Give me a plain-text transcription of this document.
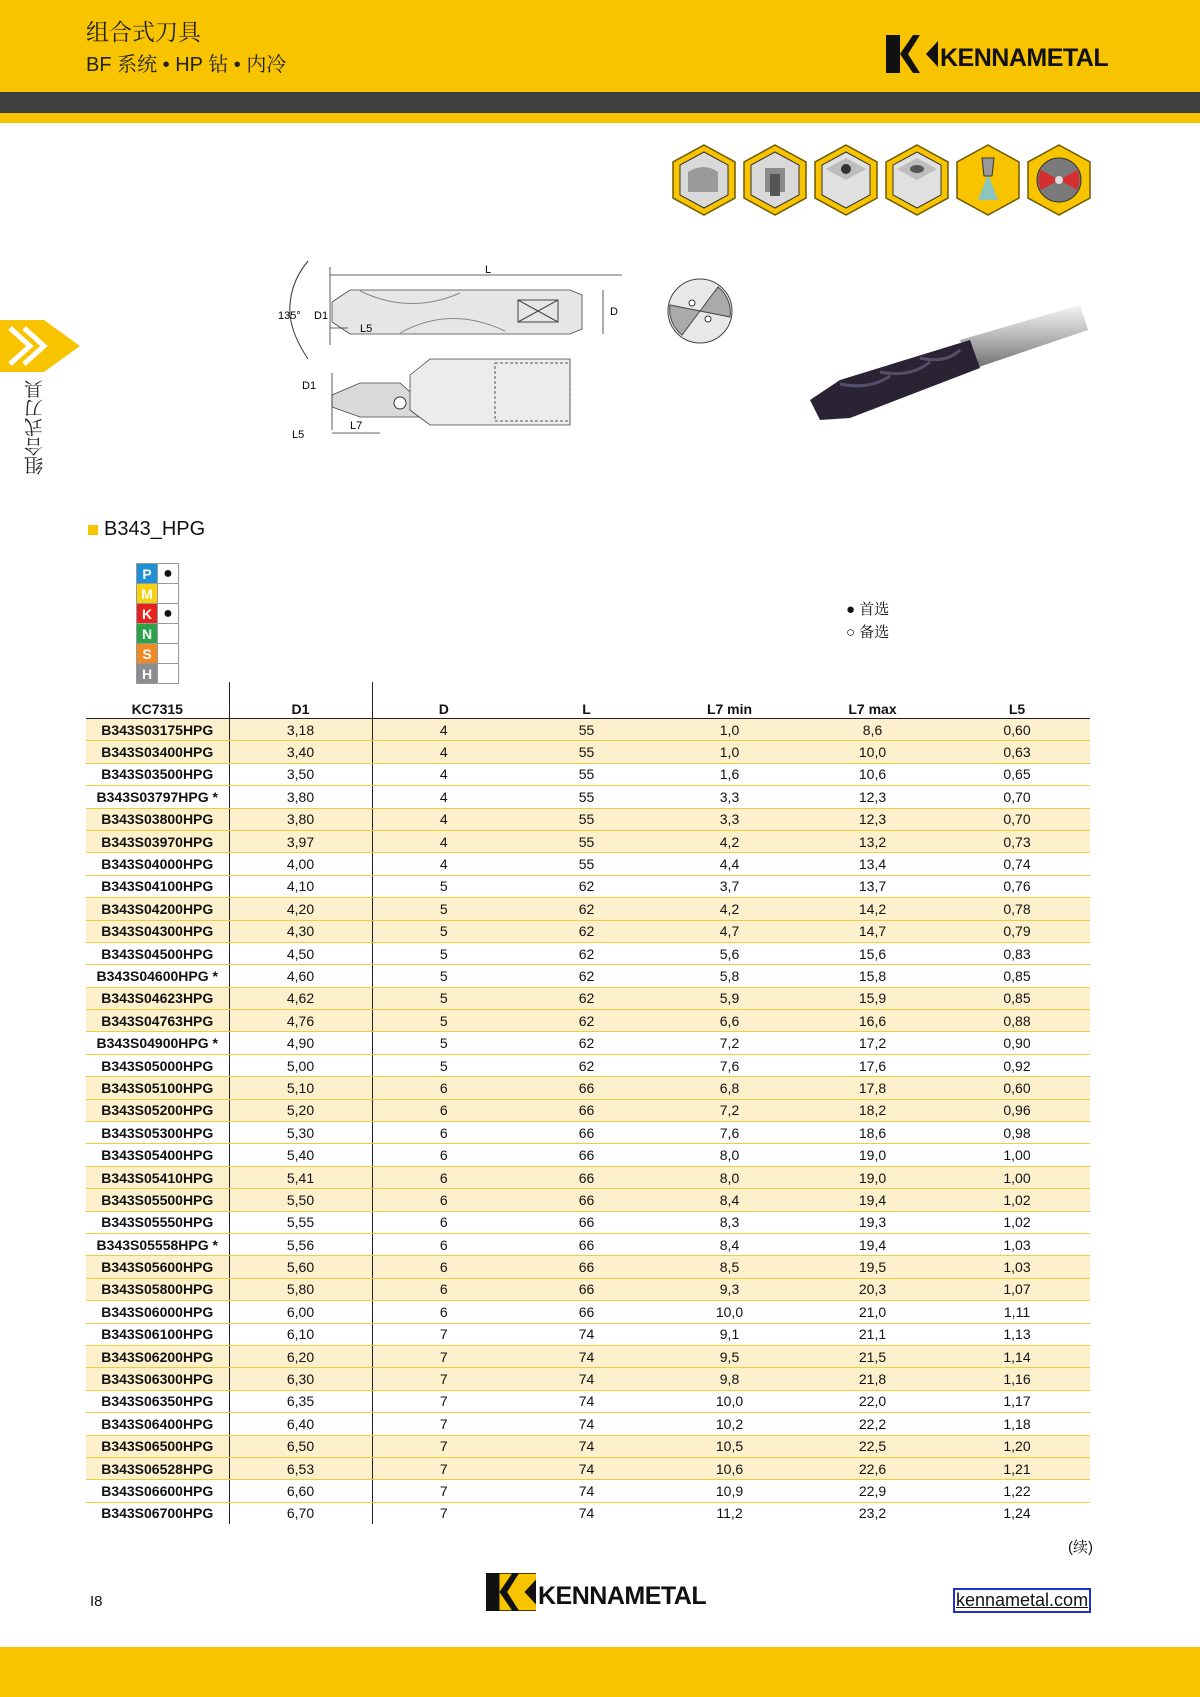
组合式刀具
BF 系统 • HP 钻 • 内冷	KENNAMETAL
组合式刀具
135° D1
L
D
L5
D1
L5
L7
B343_HPG
P	●
M	
K	●
N	
S	
H	
● 首选
○ 备选
KC7315	D1	D	L	L7 min	L7 max	L5
B343S03175HPG	3,18	4	55	1,0	8,6	0,60
B343S03400HPG	3,40	4	55	1,0	10,0	0,63
B343S03500HPG	3,50	4	55	1,6	10,6	0,65
B343S03797HPG *	3,80	4	55	3,3	12,3	0,70
B343S03800HPG	3,80	4	55	3,3	12,3	0,70
B343S03970HPG	3,97	4	55	4,2	13,2	0,73
B343S04000HPG	4,00	4	55	4,4	13,4	0,74
B343S04100HPG	4,10	5	62	3,7	13,7	0,76
B343S04200HPG	4,20	5	62	4,2	14,2	0,78
B343S04300HPG	4,30	5	62	4,7	14,7	0,79
B343S04500HPG	4,50	5	62	5,6	15,6	0,83
B343S04600HPG *	4,60	5	62	5,8	15,8	0,85
B343S04623HPG	4,62	5	62	5,9	15,9	0,85
B343S04763HPG	4,76	5	62	6,6	16,6	0,88
B343S04900HPG *	4,90	5	62	7,2	17,2	0,90
B343S05000HPG	5,00	5	62	7,6	17,6	0,92
B343S05100HPG	5,10	6	66	6,8	17,8	0,60
B343S05200HPG	5,20	6	66	7,2	18,2	0,96
B343S05300HPG	5,30	6	66	7,6	18,6	0,98
B343S05400HPG	5,40	6	66	8,0	19,0	1,00
B343S05410HPG	5,41	6	66	8,0	19,0	1,00
B343S05500HPG	5,50	6	66	8,4	19,4	1,02
B343S05550HPG	5,55	6	66	8,3	19,3	1,02
B343S05558HPG *	5,56	6	66	8,4	19,4	1,03
B343S05600HPG	5,60	6	66	8,5	19,5	1,03
B343S05800HPG	5,80	6	66	9,3	20,3	1,07
B343S06000HPG	6,00	6	66	10,0	21,0	1,11
B343S06100HPG	6,10	7	74	9,1	21,1	1,13
B343S06200HPG	6,20	7	74	9,5	21,5	1,14
B343S06300HPG	6,30	7	74	9,8	21,8	1,16
B343S06350HPG	6,35	7	74	10,0	22,0	1,17
B343S06400HPG	6,40	7	74	10,2	22,2	1,18
B343S06500HPG	6,50	7	74	10,5	22,5	1,20
B343S06528HPG	6,53	7	74	10,6	22,6	1,21
B343S06600HPG	6,60	7	74	10,9	22,9	1,22
B343S06700HPG	6,70	7	74	11,2	23,2	1,24
(续)
I8	KENNAMETAL	kennametal.com
